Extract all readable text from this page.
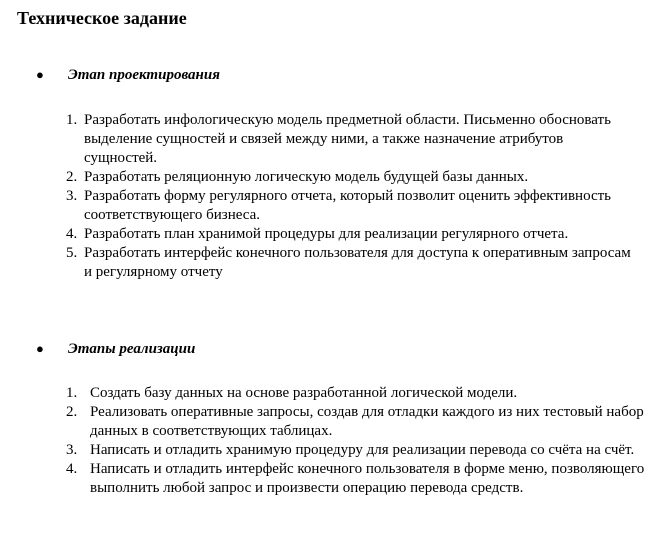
Техническое задание
● Этап проектирования
1. Разработать инфологическую модель предметной области. Письменно обосновать выделение сущностей и связей между ними, а также назначение атрибутов сущностей.
2. Разработать реляционную логическую модель будущей базы данных.
3. Разработать форму регулярного отчета, который позволит оценить эффективность соответствующего бизнеса.
4. Разработать план хранимой процедуры для реализации регулярного отчета.
5. Разработать интерфейс конечного пользователя для доступа к оперативным запросам и регулярному отчету
● Этапы реализации
1. Создать базу данных на основе разработанной логической модели.
2. Реализовать оперативные запросы, создав для отладки каждого из них тестовый набор данных в соответствующих таблицах.
3. Написать и отладить хранимую процедуру для реализации перевода со счёта на счёт.
4. Написать и отладить интерфейс конечного пользователя в форме меню, позволяющего выполнить любой запрос и произвести операцию перевода средств.
